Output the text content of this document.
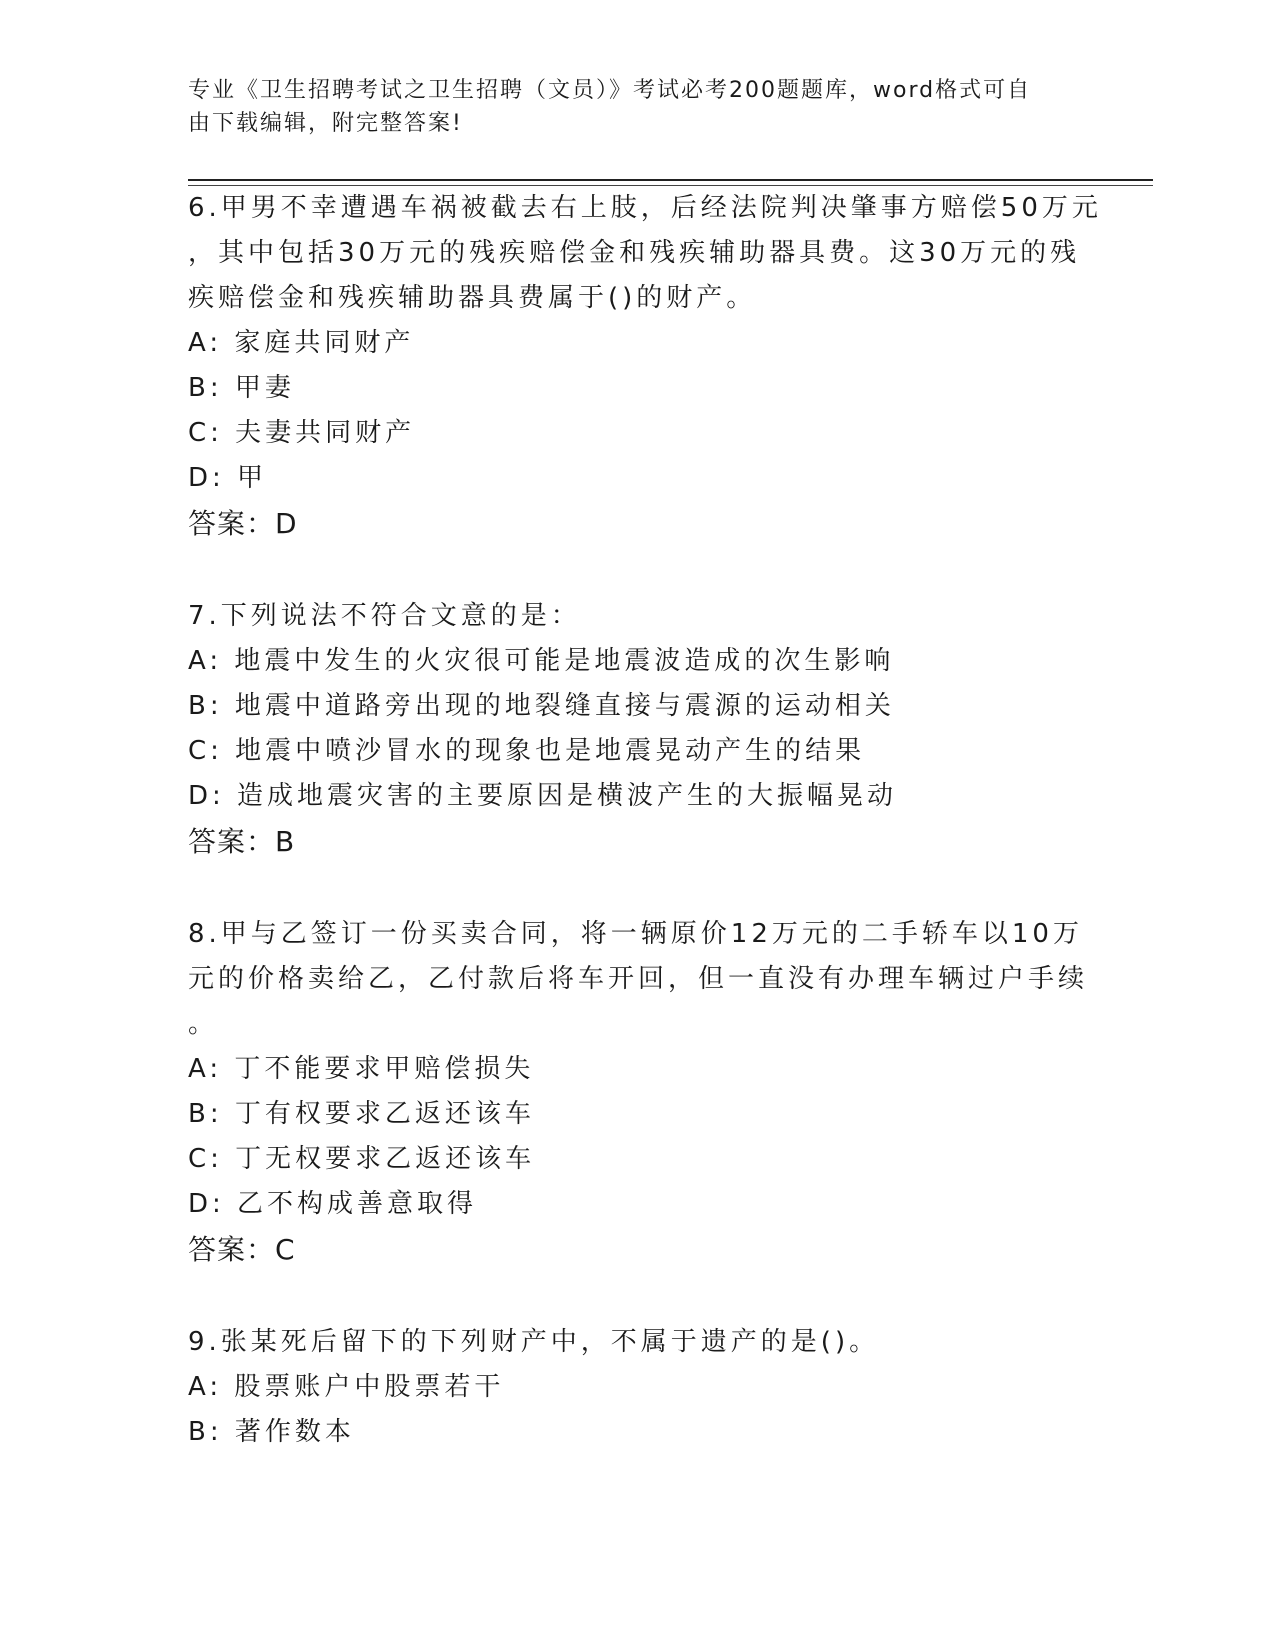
专业《卫生招聘考试之卫生招聘（文员）》考试必考200题题库，word格式可自
由下载编辑，附完整答案!
6.甲男不幸遭遇车祸被截去右上肢，后经法院判决肇事方赔偿50万元
，其中包括30万元的残疾赔偿金和残疾辅助器具费。这30万元的残
疾赔偿金和残疾辅助器具费属于()的财产。
A: 家庭共同财产
B: 甲妻
C: 夫妻共同财产
D: 甲
答案：D
7.下列说法不符合文意的是：
A: 地震中发生的火灾很可能是地震波造成的次生影响
B: 地震中道路旁出现的地裂缝直接与震源的运动相关
C: 地震中喷沙冒水的现象也是地震晃动产生的结果
D: 造成地震灾害的主要原因是横波产生的大振幅晃动
答案：B
8.甲与乙签订一份买卖合同，将一辆原价12万元的二手轿车以10万
元的价格卖给乙，乙付款后将车开回，但一直没有办理车辆过户手续
。
A: 丁不能要求甲赔偿损失
B: 丁有权要求乙返还该车
C: 丁无权要求乙返还该车
D: 乙不构成善意取得
答案：C
9.张某死后留下的下列财产中，不属于遗产的是()。
A: 股票账户中股票若干
B: 著作数本
